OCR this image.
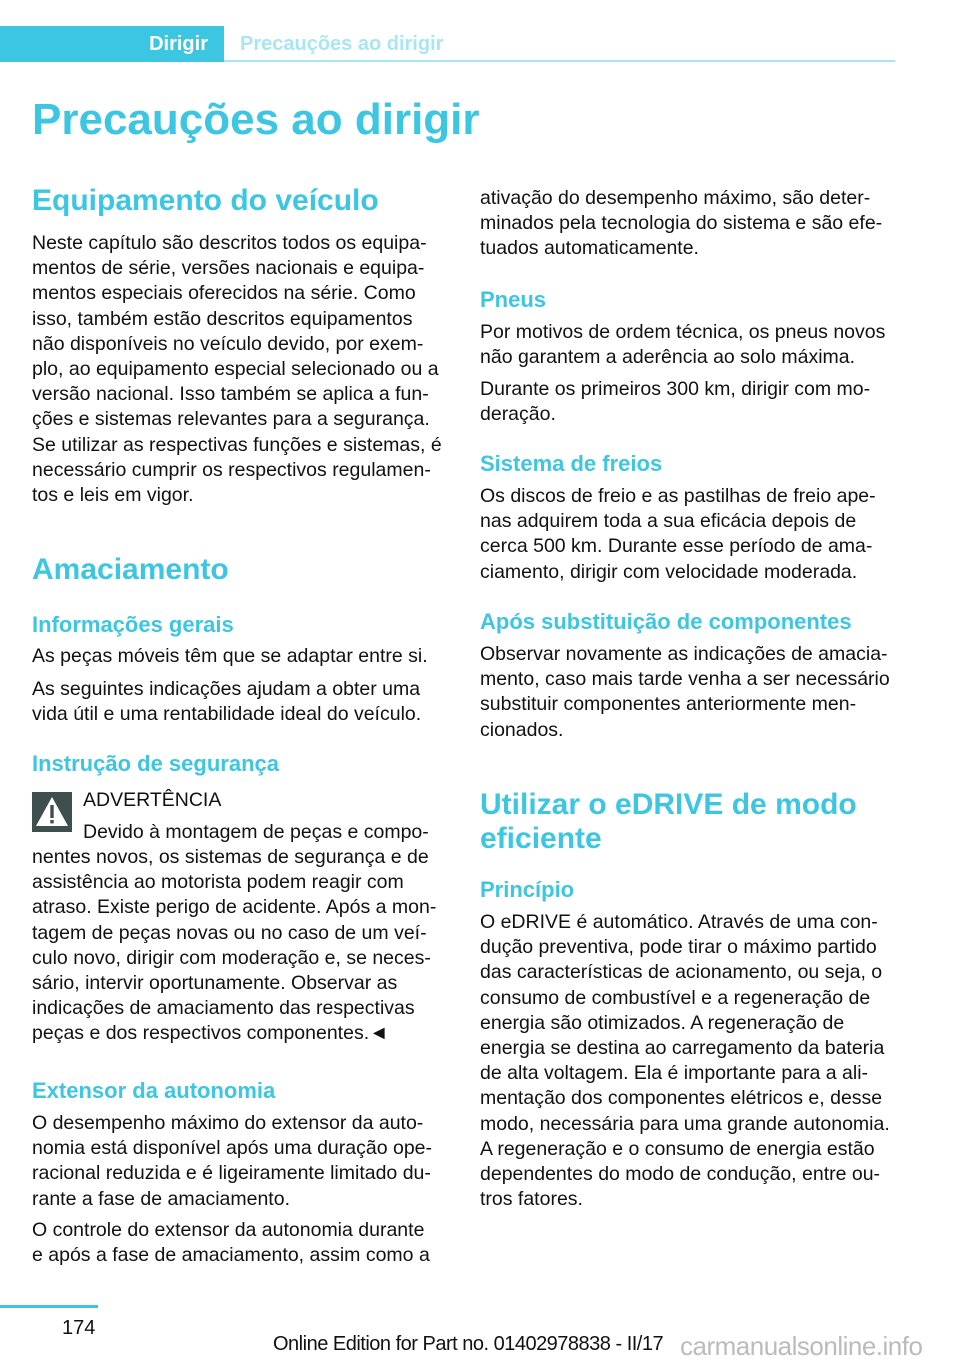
Dirigir Precauções ao dirigir
Precauções ao dirigir
Equipamento do veículo
Neste capítulo são descritos todos os equipa-
mentos de série, versões nacionais e equipa-
mentos especiais oferecidos na série. Como
isso, também estão descritos equipamentos
não disponíveis no veículo devido, por exem-
plo, ao equipamento especial selecionado ou a
versão nacional. Isso também se aplica a fun-
ções e sistemas relevantes para a segurança.
Se utilizar as respectivas funções e sistemas, é
necessário cumprir os respectivos regulamen-
tos e leis em vigor.
Amaciamento
Informações gerais
As peças móveis têm que se adaptar entre si.
As seguintes indicações ajudam a obter uma
vida útil e uma rentabilidade ideal do veículo.
Instrução de segurança
ADVERTÊNCIA
Devido à montagem de peças e compo-
nentes novos, os sistemas de segurança e de
assistência ao motorista podem reagir com
atraso. Existe perigo de acidente. Após a mon-
tagem de peças novas ou no caso de um veí-
culo novo, dirigir com moderação e, se neces-
sário, intervir oportunamente. Observar as
indicações de amaciamento das respectivas
peças e dos respectivos componentes.◄
Extensor da autonomia
O desempenho máximo do extensor da auto-
nomia está disponível após uma duração ope-
racional reduzida e é ligeiramente limitado du-
rante a fase de amaciamento.
O controle do extensor da autonomia durante
e após a fase de amaciamento, assim como a
ativação do desempenho máximo, são deter-
minados pela tecnologia do sistema e são efe-
tuados automaticamente.
Pneus
Por motivos de ordem técnica, os pneus novos
não garantem a aderência ao solo máxima.
Durante os primeiros 300 km, dirigir com mo-
deração.
Sistema de freios
Os discos de freio e as pastilhas de freio ape-
nas adquirem toda a sua eficácia depois de
cerca 500 km. Durante esse período de ama-
ciamento, dirigir com velocidade moderada.
Após substituição de componentes
Observar novamente as indicações de amacia-
mento, caso mais tarde venha a ser necessário
substituir componentes anteriormente men-
cionados.
Utilizar o eDRIVE de modo
eficiente
Princípio
O eDRIVE é automático. Através de uma con-
dução preventiva, pode tirar o máximo partido
das características de acionamento, ou seja, o
consumo de combustível e a regeneração de
energia são otimizados. A regeneração de
energia se destina ao carregamento da bateria
de alta voltagem. Ela é importante para a ali-
mentação dos componentes elétricos e, desse
modo, necessária para uma grande autonomia.
A regeneração e o consumo de energia estão
dependentes do modo de condução, entre ou-
tros fatores.
174
Online Edition for Part no. 01402978838 - II/17 carmanualsonline.info
